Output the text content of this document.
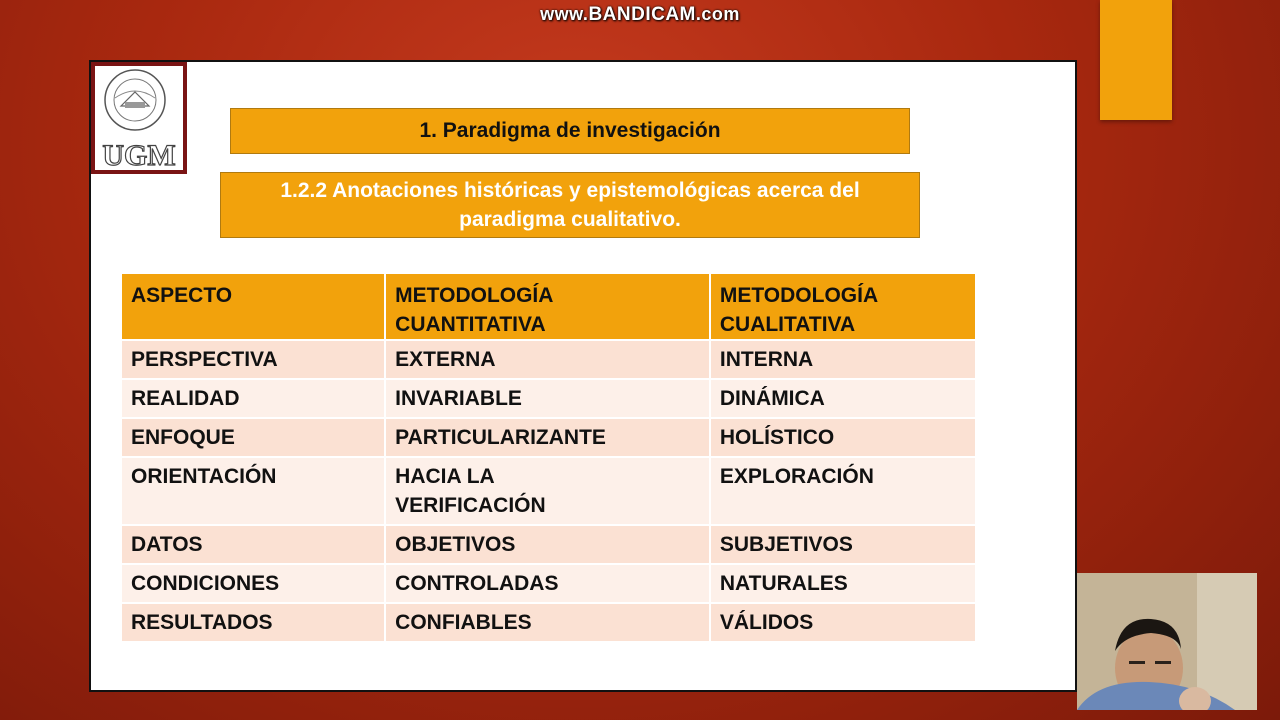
www.BANDICAM.com
UGM
1. Paradigma de investigación
1.2.2 Anotaciones históricas y epistemológicas acerca del paradigma cualitativo.
ASPECTO	METODOLOGÍA CUANTITATIVA	METODOLOGÍA CUALITATIVA
PERSPECTIVA	EXTERNA	INTERNA
REALIDAD	INVARIABLE	DINÁMICA
ENFOQUE	PARTICULARIZANTE	HOLÍSTICO
ORIENTACIÓN	HACIA LA VERIFICACIÓN	EXPLORACIÓN
DATOS	OBJETIVOS	SUBJETIVOS
CONDICIONES	CONTROLADAS	NATURALES
RESULTADOS	CONFIABLES	VÁLIDOS
